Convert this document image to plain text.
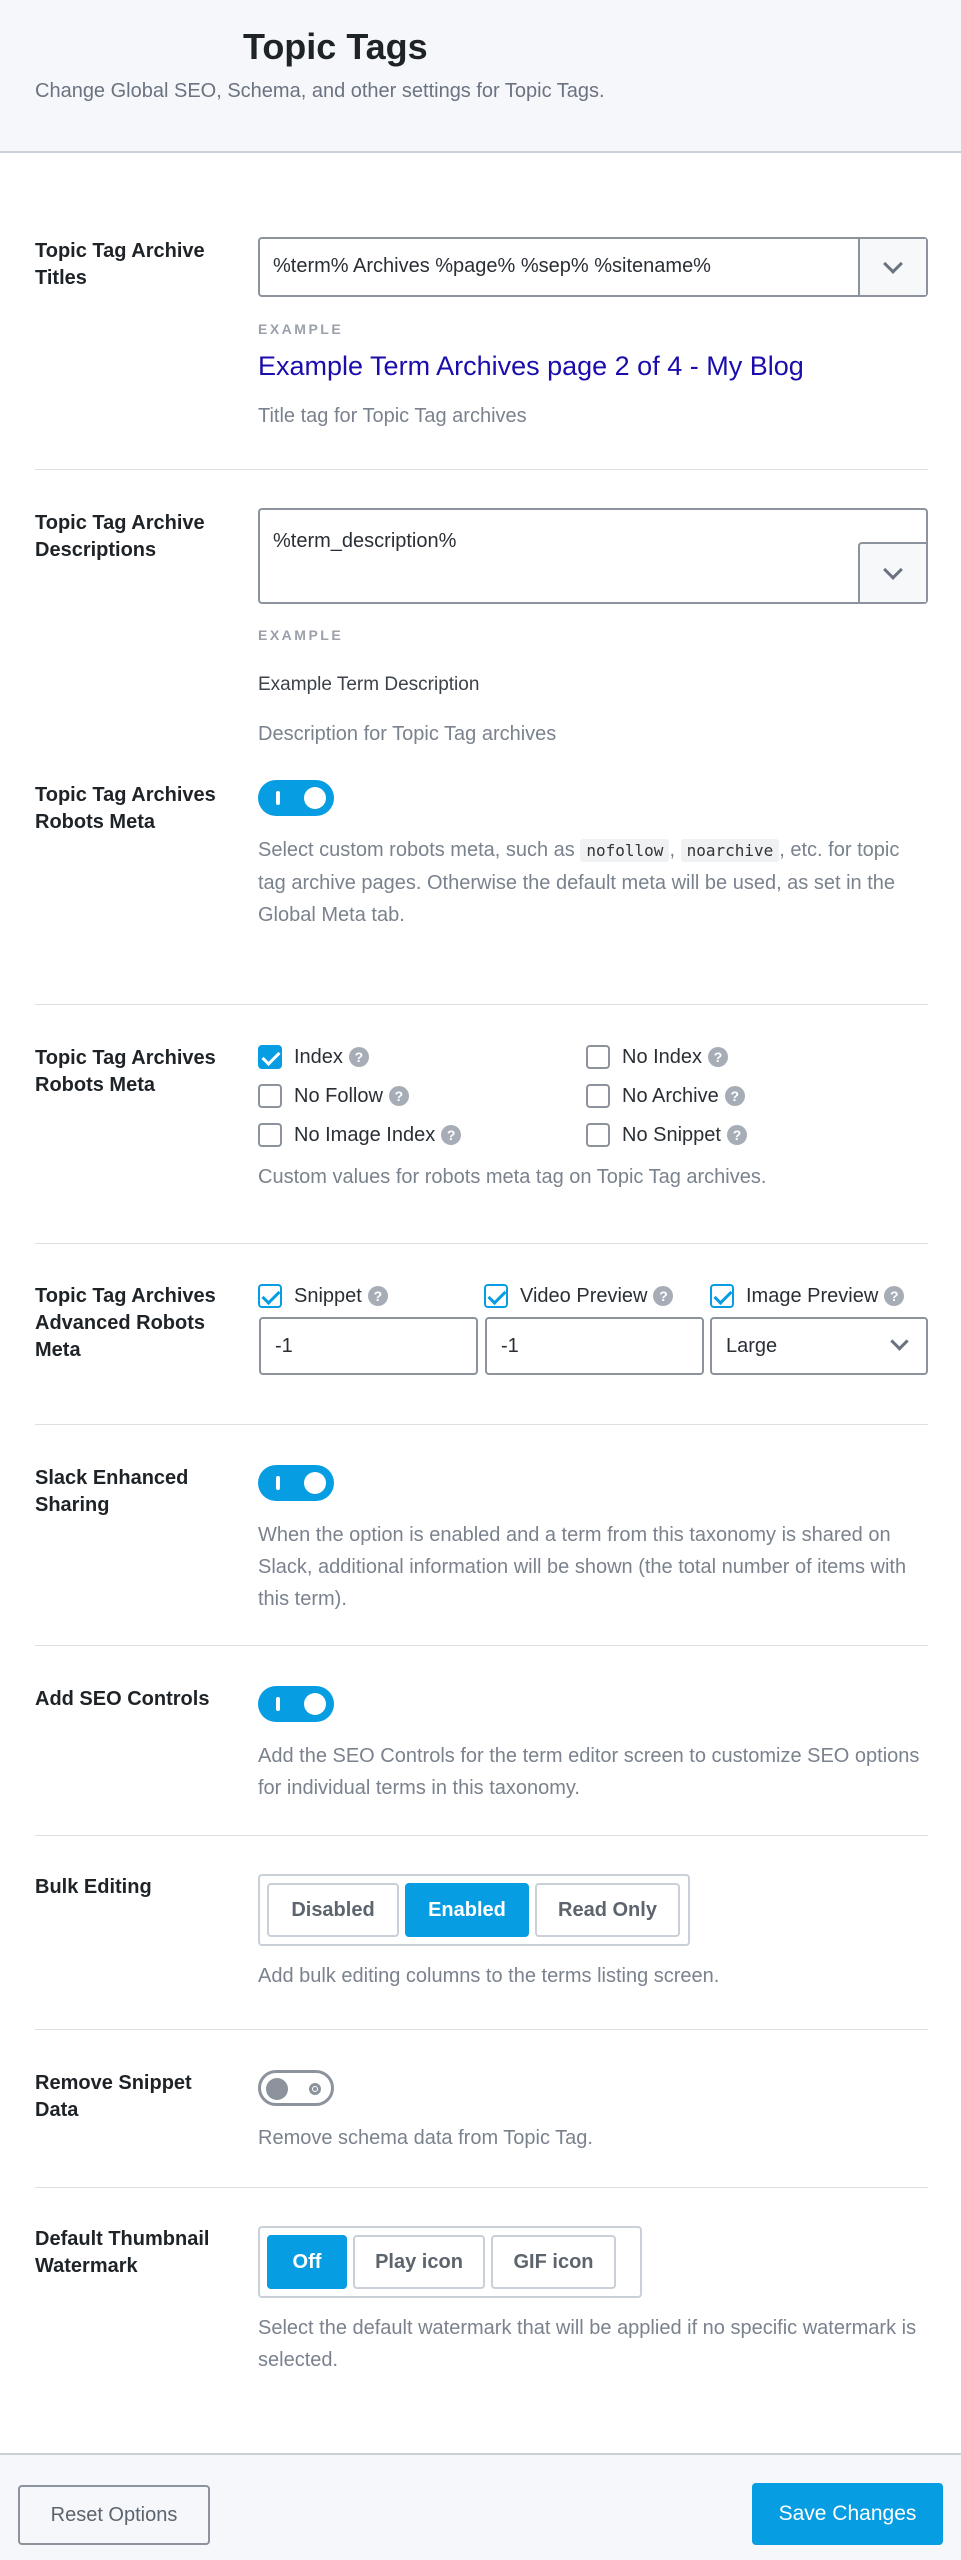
Topic Tags

Change Global SEO, Schema, and other settings for Topic Tags.

Topic Tag Archive Titles
%term% Archives %page% %sep% %sitename%
EXAMPLE
Example Term Archives page 2 of 4 - My Blog
Title tag for Topic Tag archives
Topic Tag Archive Descriptions	%term_description%
EXAMPLE
Example Term Description
Description for Topic Tag archives
Topic Tag Archives Robots Meta
Select custom robots meta, such as nofollow , noarchive , etc. for topic tag archive pages. Otherwise the default meta will be used, as set in the Global Meta tab.
Topic Tag Archives Robots Meta
Index ?	No Index ?
No Follow ?	No Archive ?
No Image Index ?	No Snippet ?
Custom values for robots meta tag on Topic Tag archives.
Topic Tag Archives Advanced Robots Meta
Snippet ?	Video Preview ?	Image Preview ?
-1	-1	Large
Slack Enhanced Sharing
When the option is enabled and a term from this taxonomy is shared on Slack, additional information will be shown (the total number of items with this term).
Add SEO Controls
Add the SEO Controls for the term editor screen to customize SEO options for individual terms in this taxonomy.
Bulk Editing
Disabled	Enabled	Read Only
Add bulk editing columns to the terms listing screen.
Remove Snippet Data
Remove schema data from Topic Tag.
Default Thumbnail Watermark	Off	Play icon	GIF icon
Select the default watermark that will be applied if no specific watermark is selected.
Reset Options	Save Changes
